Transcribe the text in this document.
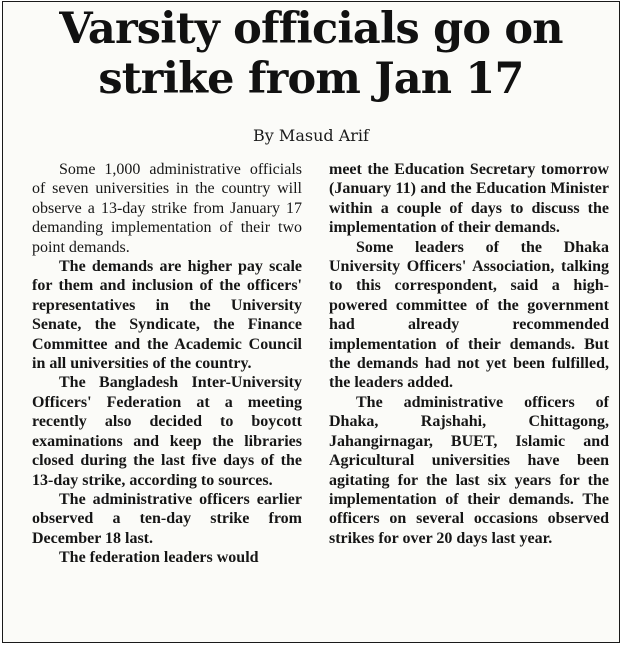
Varsity officials go on
strike from Jan 17
By Masud Arif

Some 1,000 administrative officials of seven universities in the country will observe a 13-day strike from January 17 demanding implementation of their two point demands.

The demands are higher pay scale for them and inclusion of the officers' representatives in the University Senate, the Syndicate, the Finance Committee and the Academic Council in all universities of the country.

The Bangladesh Inter-University Officers' Federation at a meeting recently also decided to boycott examinations and keep the libraries closed during the last five days of the 13-day strike, according to sources.

The administrative officers earlier observed a ten-day strike from December 18 last.

The federation leaders would

meet the Education Secretary tomorrow (January 11) and the Education Minister within a couple of days to discuss the implementation of their demands.

Some leaders of the Dhaka University Officers' Association, talking to this correspondent, said a high-powered committee of the government had already recommended implementation of their demands. But the demands had not yet been fulfilled, the leaders added.

The administrative officers of Dhaka, Rajshahi, Chittagong, Jahangirnagar, BUET, Islamic and Agricultural universities have been agitating for the last six years for the implementation of their demands. The officers on several occasions observed strikes for over 20 days last year.
